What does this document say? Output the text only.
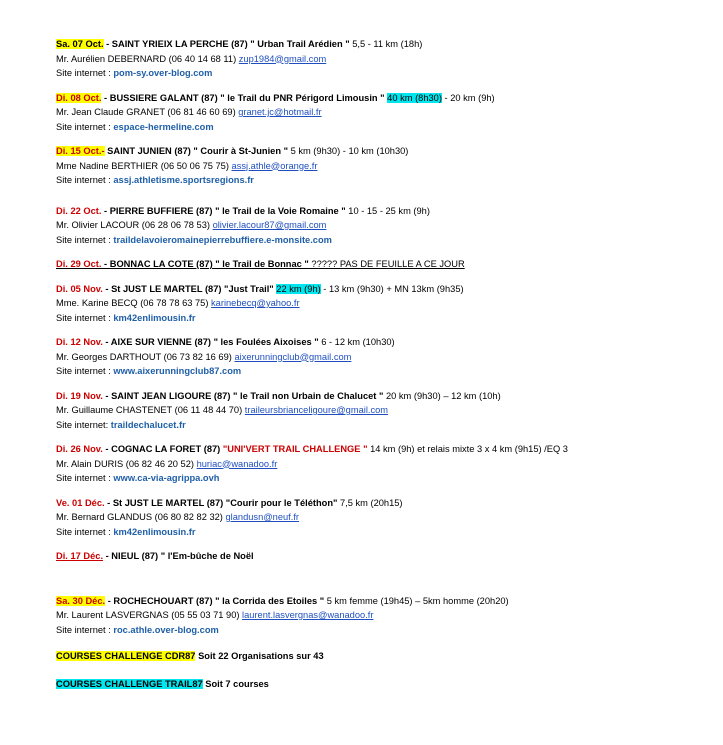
Sa. 07 Oct. - SAINT YRIEIX LA PERCHE (87) " Urban Trail Arédien " 5,5 - 11 km (18h)
Mr. Aurélien DEBERNARD (06 40 14 68 11) zup1984@gmail.com
Site internet : pom-sy.over-blog.com
Di. 08 Oct. - BUSSIERE GALANT (87) " le Trail du PNR Périgord Limousin " 40 km (8h30) - 20 km (9h)
Mr. Jean Claude GRANET (06 81 46 60 69) granet.jc@hotmail.fr
Site internet : espace-hermeline.com
Di. 15 Oct.- SAINT JUNIEN (87) " Courir à St-Junien " 5 km (9h30) - 10 km (10h30)
Mme Nadine BERTHIER (06 50 06 75 75) assj.athle@orange.fr
Site internet : assj.athletisme.sportsregions.fr
Di. 22 Oct. - PIERRE BUFFIERE (87) " le Trail de la Voie Romaine " 10 - 15 - 25 km (9h)
Mr. Olivier LACOUR (06 28 06 78 53) olivier.lacour87@gmail.com
Site internet : traildelavoieromainepierrebuffiere.e-monsite.com
Di. 29 Oct. - BONNAC LA COTE (87) " le Trail de Bonnac " ????? PAS DE FEUILLE A CE JOUR
Di. 05 Nov. - St JUST LE MARTEL (87) "Just Trail" 22 km (9h) - 13 km (9h30) + MN 13km (9h35)
Mme. Karine BECQ (06 78 78 63 75) karinebecq@yahoo.fr
Site internet : km42enlimousin.fr
Di. 12 Nov. - AIXE SUR VIENNE (87) " les Foulées Aixoises " 6 - 12 km (10h30)
Mr. Georges DARTHOUT (06 73 82 16 69) aixerunningclub@gmail.com
Site internet : www.aixerunningclub87.com
Di. 19 Nov. - SAINT JEAN LIGOURE (87) " le Trail non Urbain de Chalucet " 20 km (9h30) – 12 km (10h)
Mr. Guillaume CHASTENET (06 11 48 44 70) traileursbrianceligoure@gmail.com
Site internet: traildechalucet.fr
Di. 26 Nov. - COGNAC LA FORET (87) "UNI'VERT TRAIL CHALLENGE " 14 km (9h) et relais mixte 3 x 4 km (9h15) /EQ 3
Mr. Alain DURIS (06 82 46 20 52) huriac@wanadoo.fr
Site internet : www.ca-via-agrippa.ovh
Ve. 01 Déc. - St JUST LE MARTEL (87) "Courir pour le Téléthon" 7,5 km (20h15)
Mr. Bernard GLANDUS (06 80 82 82 32) glandusn@neuf.fr
Site internet : km42enlimousin.fr
Di. 17 Déc. - NIEUL (87) " l'Em-bûche de Noël
Sa. 30 Déc. - ROCHECHOUART (87) " la Corrida des Etoiles " 5 km femme (19h45) – 5km homme (20h20)
Mr. Laurent LASVERGNAS (05 55 03 71 90) laurent.lasvergnas@wanadoo.fr
Site internet : roc.athle.over-blog.com
COURSES CHALLENGE CDR87 Soit 22 Organisations sur 43
COURSES CHALLENGE TRAIL87 Soit 7 courses
